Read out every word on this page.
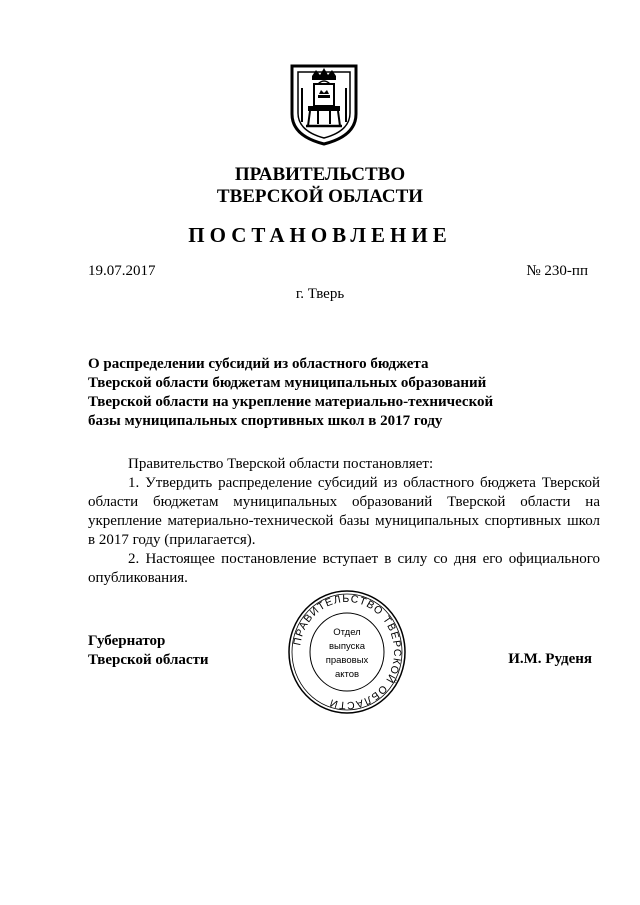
ПРАВИТЕЛЬСТВО
ТВЕРСКОЙ ОБЛАСТИ
ПОСТАНОВЛЕНИЕ
19.07.2017	№ 230-пп
г. Тверь
О распределении субсидий из областного бюджета
Тверской области бюджетам муниципальных образований
Тверской области на укрепление материально-технической
базы муниципальных спортивных школ в 2017 году

Правительство Тверской области постановляет:

1. Утвердить распределение субсидий из областного бюджета Тверской области бюджетам муниципальных образований Тверской области на укрепление материально-технической базы муниципальных спортивных школ в 2017 году (прилагается).

2. Настоящее постановление вступает в силу со дня его официального опубликования.

Губернатор
Тверской области
ПРАВИТЕЛЬСТВО ТВЕРСКОЙ ОБЛАСТИ
Отдел
выпуска
правовых
актов
И.М. Руденя
